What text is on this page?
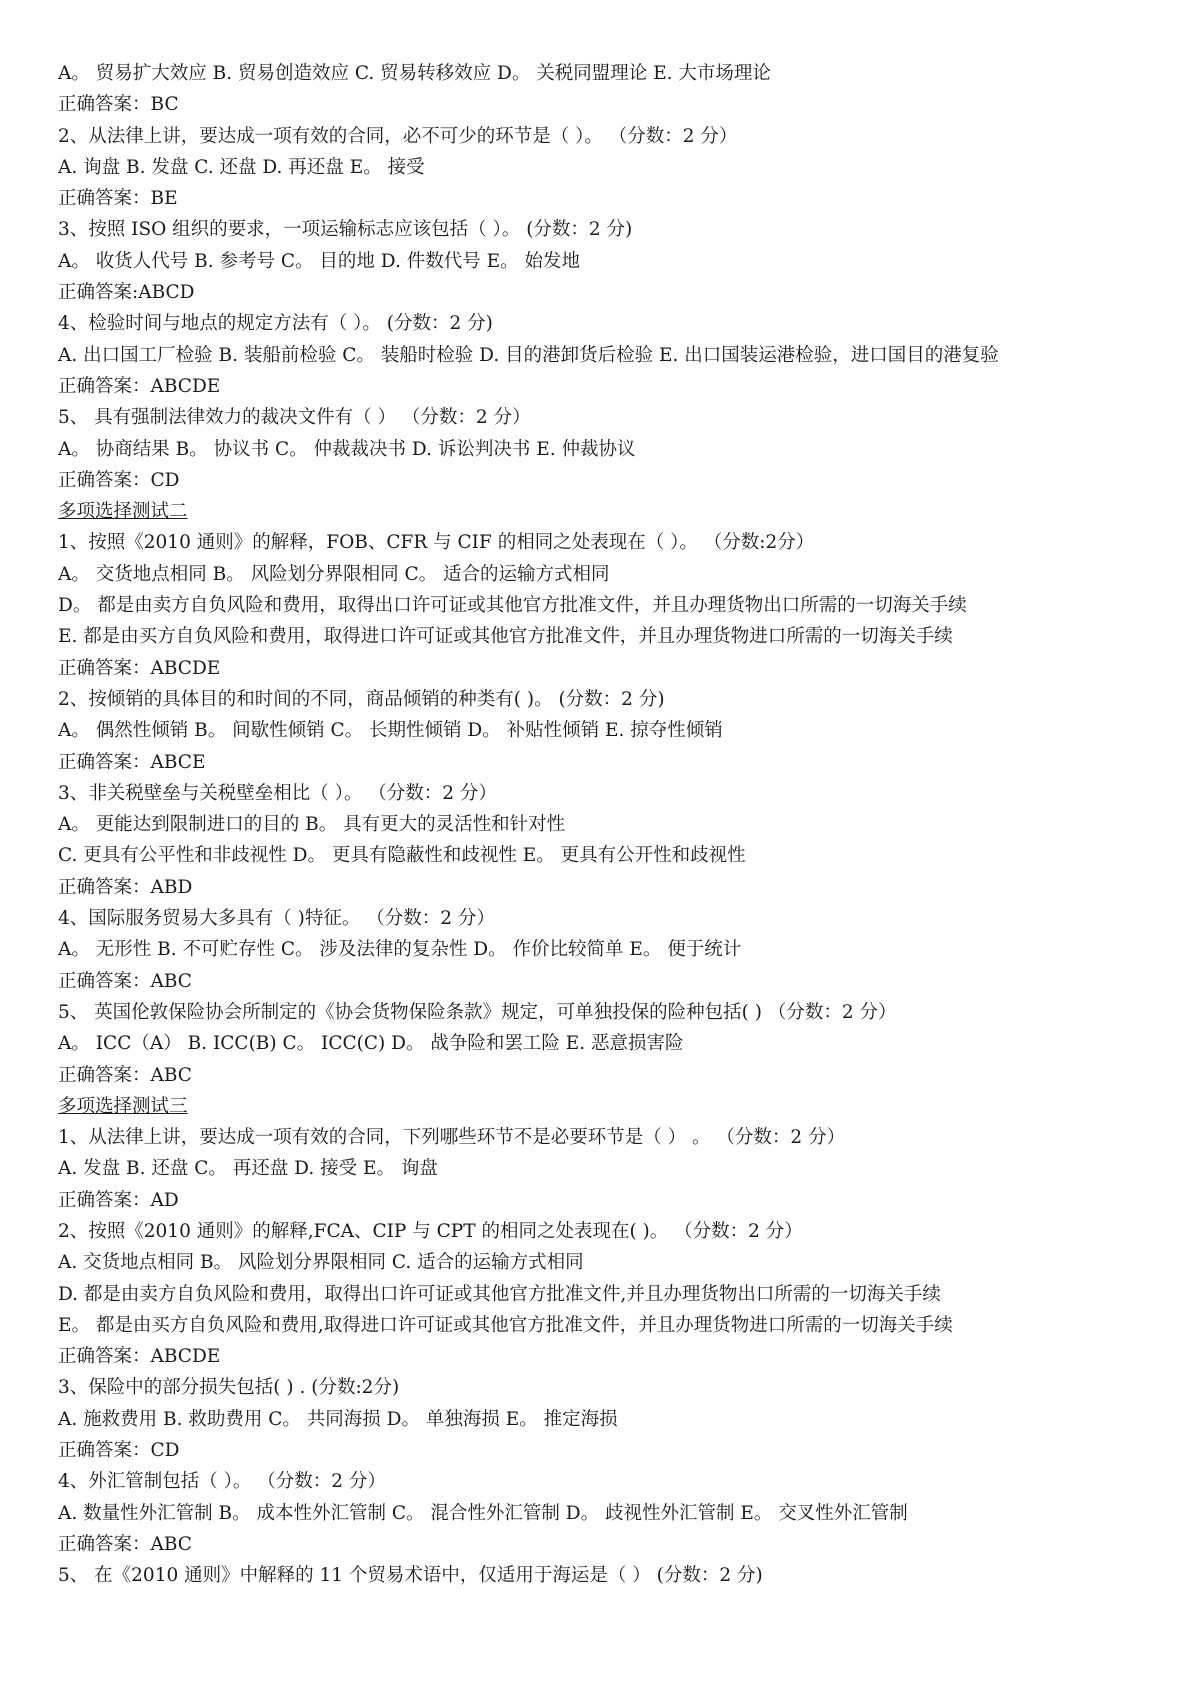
A。 贸易扩大效应 B. 贸易创造效应 C. 贸易转移效应 D。 关税同盟理论 E. 大市场理论
正确答案：BC
2、从法律上讲，要达成一项有效的合同，必不可少的环节是（ ）。 （分数：2 分）
A. 询盘 B. 发盘 C. 还盘 D. 再还盘 E。 接受
正确答案：BE
3、按照 ISO 组织的要求，一项运输标志应该包括（ ）。 (分数：2 分)
A。 收货人代号 B. 参考号 C。 目的地 D. 件数代号 E。 始发地
正确答案:ABCD
4、检验时间与地点的规定方法有（ ）。 (分数：2 分)
A. 出口国工厂检验 B. 装船前检验 C。 装船时检验 D. 目的港卸货后检验 E. 出口国装运港检验，进口国目的港复验
正确答案：ABCDE
5、 具有强制法律效力的裁决文件有（ ） （分数：2 分）
A。 协商结果 B。 协议书 C。 仲裁裁决书 D. 诉讼判决书 E. 仲裁协议
正确答案：CD
多项选择测试二
1、按照《2010 通则》的解释，FOB、CFR 与 CIF 的相同之处表现在（ ）。 （分数:2分）
A。 交货地点相同 B。 风险划分界限相同 C。 适合的运输方式相同
D。 都是由卖方自负风险和费用，取得出口许可证或其他官方批准文件，并且办理货物出口所需的一切海关手续
E. 都是由买方自负风险和费用，取得进口许可证或其他官方批准文件，并且办理货物进口所需的一切海关手续
正确答案：ABCDE
2、按倾销的具体目的和时间的不同，商品倾销的种类有( )。 (分数：2 分)
A。 偶然性倾销 B。 间歇性倾销 C。 长期性倾销 D。 补贴性倾销 E. 掠夺性倾销
正确答案：ABCE
3、非关税壁垒与关税壁垒相比（ ）。 （分数：2 分）
A。 更能达到限制进口的目的 B。 具有更大的灵活性和针对性
C. 更具有公平性和非歧视性 D。 更具有隐蔽性和歧视性 E。 更具有公开性和歧视性
正确答案：ABD
4、国际服务贸易大多具有（ )特征。 （分数：2 分）
A。 无形性 B. 不可贮存性 C。 涉及法律的复杂性 D。 作价比较简单 E。 便于统计
正确答案：ABC
5、 英国伦敦保险协会所制定的《协会货物保险条款》规定，可单独投保的险种包括( ) （分数：2 分）
A。 ICC（A） B. ICC(B) C。 ICC(C) D。 战争险和罢工险 E. 恶意损害险
正确答案：ABC
多项选择测试三
1、从法律上讲，要达成一项有效的合同，下列哪些环节不是必要环节是（ ） 。 （分数：2 分）
A. 发盘 B. 还盘 C。 再还盘 D. 接受 E。 询盘
正确答案：AD
2、按照《2010 通则》的解释,FCA、CIP 与 CPT 的相同之处表现在( )。 （分数：2 分）
A. 交货地点相同 B。 风险划分界限相同 C. 适合的运输方式相同
D. 都是由卖方自负风险和费用，取得出口许可证或其他官方批准文件,并且办理货物出口所需的一切海关手续
E。 都是由买方自负风险和费用,取得进口许可证或其他官方批准文件，并且办理货物进口所需的一切海关手续
正确答案：ABCDE
3、保险中的部分损失包括( ) . (分数:2分)
A. 施救费用 B. 救助费用 C。 共同海损 D。 单独海损 E。 推定海损
正确答案：CD
4、外汇管制包括（ ）。 （分数：2 分）
A. 数量性外汇管制 B。 成本性外汇管制 C。 混合性外汇管制 D。 歧视性外汇管制 E。 交叉性外汇管制
正确答案：ABC
5、 在《2010 通则》中解释的 11 个贸易术语中，仅适用于海运是（ ） (分数：2 分)
